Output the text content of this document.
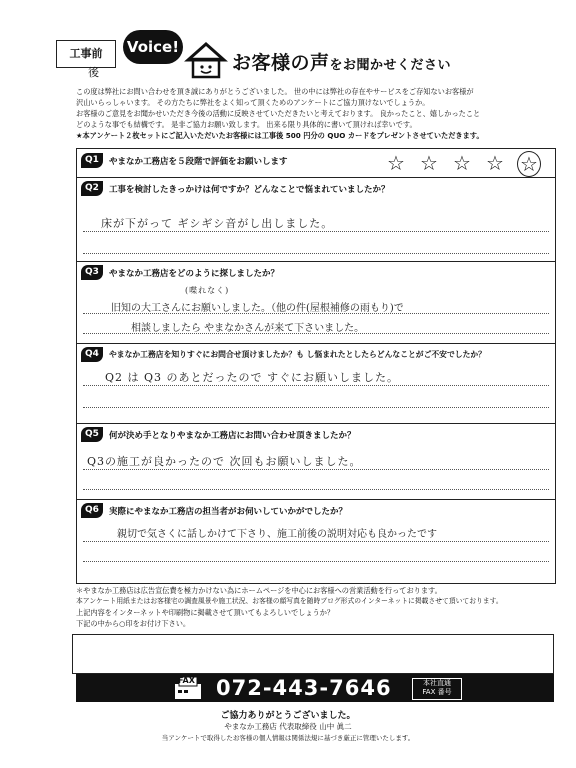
工事前
後
Voice!
お客様の声をお聞かせください

この度は弊社にお問い合わせを頂き誠にありがとうございました。 世の中には弊社の存在やサービスをご存知ないお客様が

沢山いらっしゃいます。 その方たちに弊社をよく知って頂くためのアンケートにご協力頂けないでしょうか。

お客様のご意見をお聞かせいただき今後の活動に反映させていただきたいと考えております。 良かったこと、嬉しかったこと

どのような事でも結構です。 是非ご協力お願い致します。 出来る限り具体的に書いて頂ければ幸いです。

★本アンケート２枚セットにご記入いただいたお客様には工事後 500 円分の QUO カードをプレゼントさせていただきます。

Q1	やまなか工務店を５段階で評価をお願いします	☆ ☆ ☆ ☆ ☆
Q2	工事を検討したきっかけは何ですか？どんなことで悩まれていましたか？
床が下がって ギシギシ音がし出しました。
Q3	やまなか工務店をどのように探しましたか？
(喋れなく)
旧知の大工さんにお願いしました。（他の件(屋根補修の雨もり)で
相談しましたら やまなかさんが来て下さいました。
Q4	やまなか工務店を知りすぐにお問合せ頂けましたか？も し悩まれたとしたらどんなことがご不安でしたか？
Q2 は Q3 のあとだったので すぐにお願いしました。
Q5	何が決め手となりやまなか工務店にお問い合わせ頂きましたか？
Q3の施工が良かったので 次回もお願いしました。
Q6	実際にやまなか工務店の担当者がお伺いしていかがでしたか？
親切で気さくに話しかけて下さり、施工前後の説明対応も良かったです

＊やまなか工務店は広告宣伝費を極力かけない為にホームページを中心にお客様への営業活動を行っております。

本アンケート用紙またはお客様宅の調査風景や施工状況、お客様の顔写真を随時ブログ形式のインターネットに掲載させて頂いております。

上記内容をインターネットや印刷物に掲載させて頂いてもよろしいでしょうか？

下記の中から○印をお付け下さい。

FAX 072-443-7646	本社直通
FAX 番号
ご協力ありがとうございました。
やまなか工務店 代表取締役 山中 眞二
当アンケートで取得したお客様の個人情報は関係法規に基づき厳正に管理いたします。
